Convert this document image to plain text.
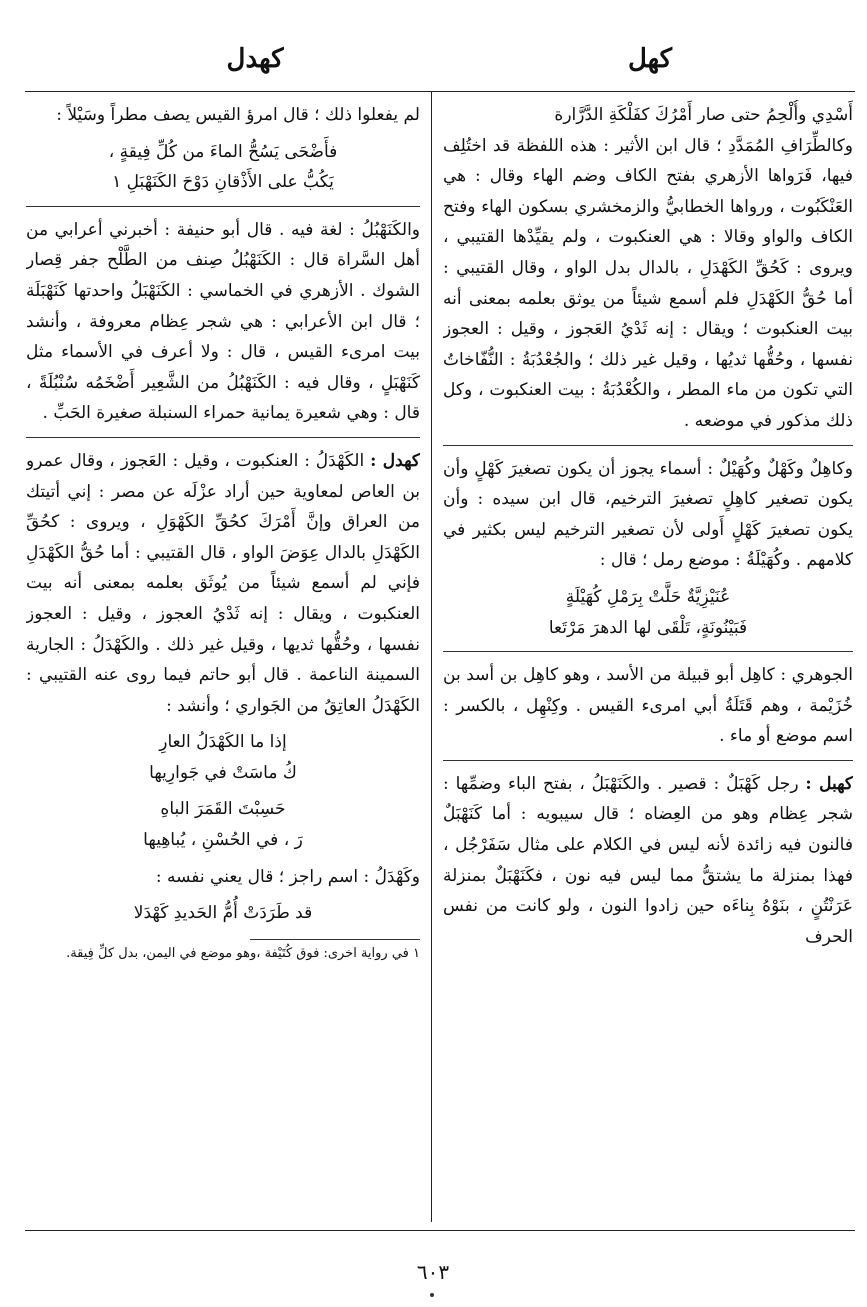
كهل
كهدل

أَسْدِي وأُلْحِمُ حتى صار أَمْرُكَ كفَلْكَةِ الدَّرَّارة

وكالطِّرَافِ المُمَدَّدِ ؛ قال ابن الأثير : هذه اللفظة قد اختُلِف فيها، فَرَواها الأزهري بفتح الكاف وضم الهاء وقال : هي العَنْكَبُوت ، ورواها الخطابيُّ والزمخشري بسكون الهاء وفتح الكاف والواو وقالا : هي العنكبوت ، ولم يقيِّدْها القتيبي ، ويروى : كَحُقِّ الكَهْدَلِ ، بالدال بدل الواو ، وقال القتيبي : أما حُقُّ الكَهْدَلِ فلم أسمع شيئاً من يوثق بعلمه بمعنى أنه بيت العنكبوت ؛ ويقال : إنه ثَدْيُ العَجوز ، وقيل : العجوز نفسها ، وحُقُّها ثديُها ، وقيل غير ذلك ؛ والجُعْدُبَةُ : النُّفّاخاتُ التي تكون من ماء المطر ، والكُعْدُبَةُ : بيت العنكبوت ، وكل ذلك مذكور في موضعه .

وكاهِلٌ وكَهْلٌ وكُهَيْلٌ : أسماء يجوز أن يكون تصغيرَ كَهْلٍ وأن يكون تصغير كاهِلٍ تصغيرَ الترخيم، قال ابن سيده : وأن يكون تصغيرَ كَهْلٍ أَولى لأن تصغير الترخيم ليس بكثير في كلامهم . وكُهَيْلَةُ : موضع رمل ؛ قال :

عُنَيْزِيَّةٌ حَلَّتْ بِرَمْلِ كُهَيْلَةٍ

فَبَيْنُونَةٍ، تَلْقَى لها الدهرَ مَرْتَعا

الجوهري : كاهِل أبو قبيلة من الأسد ، وهو كاهِل بن أسد بن خُزَيْمة ، وهم قَتَلَةُ أبي امرىء القيس . وكِنْهِل ، بالكسر : اسم موضع أو ماء .

كهبل : رجل كَهْبَلٌ : قصير . والكَنَهْبَلُ ، بفتح الباء وضمِّها : شجر عِظام وهو من العِضاه ؛ قال سيبويه : أما كَنَهْبَلٌ فالنون فيه زائدة لأنه ليس في الكلام على مثال سَفَرْجُل ، فهذا بمنزلة ما يشتقُّ مما ليس فيه نون ، فكَنَهْبَلٌ بمنزلة عَرَنْتُنٍ ، بنَوْهُ بِناءَه حين زادوا النون ، ولو كانت من نفس الحرف

لم يفعلوا ذلك ؛ قال امرؤ القيس يصف مطراً وسَيْلاً :

فأَضْحَى يَسُحُّ الماءَ من كُلِّ فِيقةٍ ،

يَكُبُّ على الأَذْقانِ دَوْحَ الكَنَهْبَلِ ١

والكَنَهْبُلُ : لغة فيه . قال أبو حنيفة : أخبرني أعرابي من أهل السَّراة قال : الكَنَهْبُلُ صِنف من الطَّلْح جفر قِصار الشوك . الأزهري في الخماسي : الكَنَهْبَلُ واحدتها كَنَهْبَلَة ؛ قال ابن الأعرابي : هي شجر عِظام معروفة ، وأنشد بيت امرىء القيس ، قال : ولا أعرف في الأسماء مثل كَنَهْبَلٍ ، وقال فيه : الكَنَهْبُلُ من الشَّعِير أَضْخَمُه سُنْبُلَةً ، قال : وهي شعيرة يمانية حمراء السنبلة صغيرة الحَبِّ .

كهدل : الكَهْدَلُ : العنكبوت ، وقيل : العَجوز ، وقال عمرو بن العاص لمعاوية حين أراد عزْلَه عن مصر : إني أتيتك من العراق وإنَّ أَمْرَكَ كحُقِّ الكَهْوَلِ ، ويروى : كحُقِّ الكَهْدَلِ بالدال عِوَضَ الواو ، قال القتيبي : أما حُقُّ الكَهْدَلِ فإني لم أسمع شيئاً من يُوثَق بعلمه بمعنى أنه بيت العنكبوت ، ويقال : إنه ثَدْيُ العجوز ، وقيل : العجوز نفسها ، وحُقُّها ثديها ، وقيل غير ذلك . والكَهْدَلُ : الجارية السمينة الناعمة . قال أبو حاتم فيما روى عنه القتيبي : الكَهْدَلُ العاتِقُ من الجَواري ؛ وأنشد :

إذا ما الكَهْدَلُ العارِ

كُ ماسَتْ في جَوارِيها

حَسِبْتَ القَمَرَ الباهِ

رَ ، في الحُسْنِ ، يُباهِيها

وكَهْدَلُ : اسم راجز ؛ قال يعني نفسه :

قد طَرَدَتْ أُمُّ الحَديدِ كَهْدَلا

١ في رواية اخرى: فوق كُتَيْفة ،وهو موضع في اليمن، بدل كلِّ فِيقة.

٦٠٣
